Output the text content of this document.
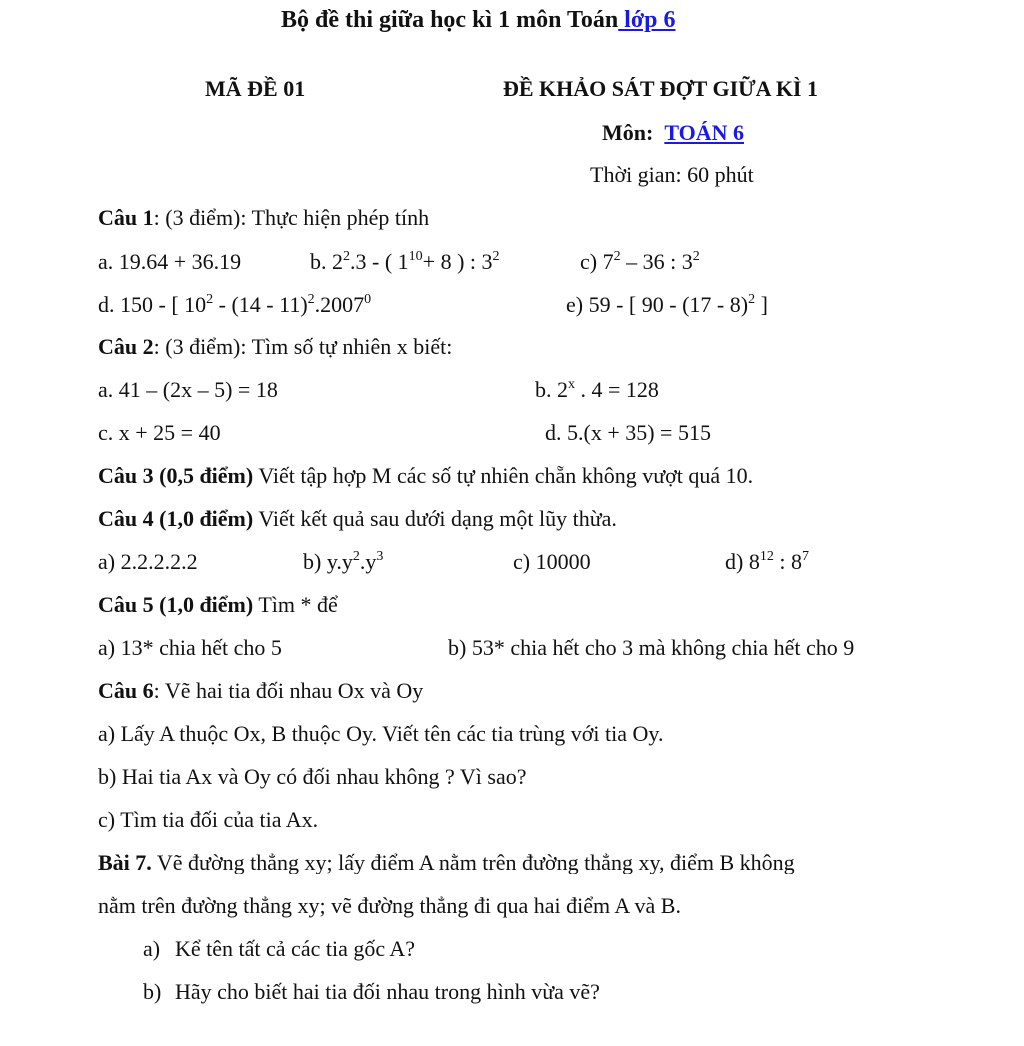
Bộ đề thi giữa học kì 1 môn Toán lớp 6
MÃ ĐỀ 01	ĐỀ KHẢO SÁT ĐỢT GIỮA KÌ 1
Môn: TOÁN 6
Thời gian: 60 phút
Câu 1: (3 điểm): Thực hiện phép tính
a. 19.64 + 36.19	b. $2^2.3$ - ( $1^{10}+ 8$ ) : $3^2$	c) $7^2 - 36$ : $3^2$
d. 150 - [ $10^2 - (14 - 11)^2.2007^0$	e) 59 - [ 90 - (17 - 8)$^2$ ]
Câu 2: (3 điểm): Tìm số tự nhiên x biết:
a. 41 – (2x – 5) = 18	b. 2$^x$ . 4 = 128
c. x + 25 = 40	d. 5.(x + 35) = 515
Câu 3 (0,5 điểm) Viết tập hợp M các số tự nhiên chẵn không vượt quá 10.
Câu 4 (1,0 điểm) Viết kết quả sau dưới dạng một lũy thừa.
a) 2.2.2.2.2	b) $y.y^2.y^3$	c) 10000	d) $8^{12}$ : $8^7$
Câu 5 (1,0 điểm) Tìm * để
a) 13* chia hết cho 5	b) 53* chia hết cho 3 mà không chia hết cho 9
Câu 6: Vẽ hai tia đối nhau Ox và Oy
a) Lấy A thuộc Ox, B thuộc Oy. Viết tên các tia trùng với tia Oy.
b) Hai tia Ax và Oy có đối nhau không ? Vì sao?
c) Tìm tia đối của tia Ax.
Bài 7. Vẽ đường thẳng xy; lấy điểm A nằm trên đường thẳng xy, điểm B không
nằm trên đường thẳng xy; vẽ đường thẳng đi qua hai điểm A và B.
a) Kể tên tất cả các tia gốc A?
b) Hãy cho biết hai tia đối nhau trong hình vừa vẽ?
